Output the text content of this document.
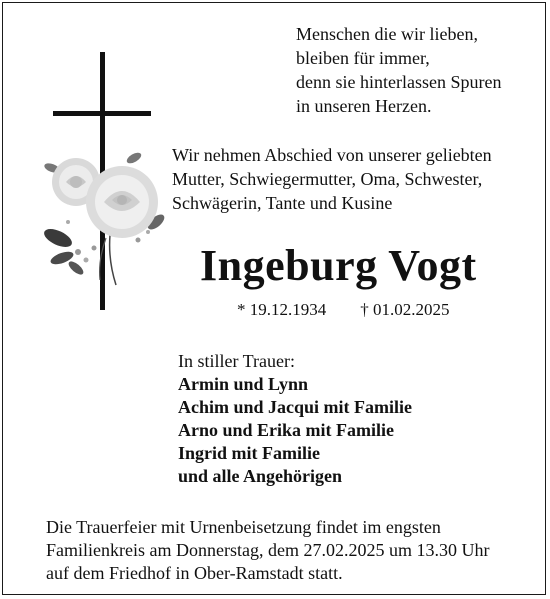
Menschen die wir lieben,
bleiben für immer,
denn sie hinterlassen Spuren
in unseren Herzen.
Wir nehmen Abschied von unserer geliebten
Mutter, Schwiegermutter, Oma, Schwester,
Schwägerin, Tante und Kusine
Ingeburg Vogt
* 19.12.1934 † 01.02.2025
In stiller Trauer:
Armin und Lynn
Achim und Jacqui mit Familie
Arno und Erika mit Familie
Ingrid mit Familie
und alle Angehörigen
Die Trauerfeier mit Urnenbeisetzung findet im engsten
Familienkreis am Donnerstag, dem 27.02.2025 um 13.30 Uhr
auf dem Friedhof in Ober-Ramstadt statt.
